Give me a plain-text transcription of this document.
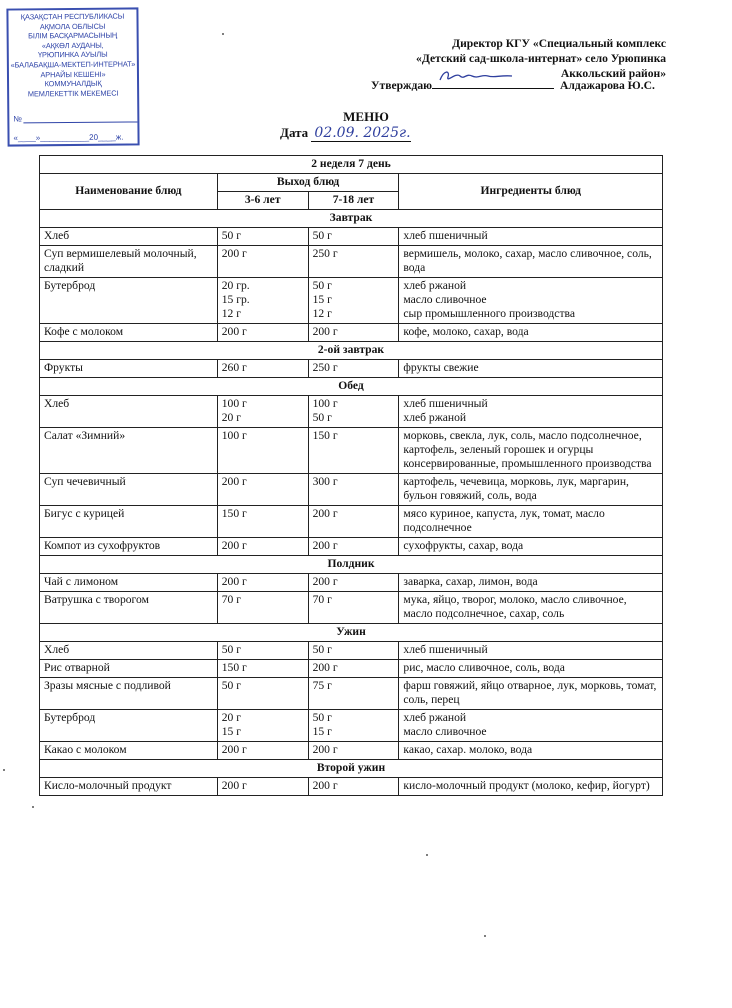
ҚАЗАҚСТАН РЕСПУБЛИКАСЫ
АҚМОЛА ОБЛЫСЫ
БІЛІМ БАСҚАРМАСЫНЫҢ
«АҚКӨЛ АУДАНЫ,
ҮРЮПИНКА АУЫЛЫ
«БАЛАБАҚША-МЕКТЕП-ИНТЕРНАТ»
АРНАЙЫ КЕШЕНІ»
КОММУНАЛДЫҚ
МЕМЛЕКЕТТІК МЕКЕМЕСІ
№
«____»___________20____ж.
Директор КГУ «Специальный комплекс
«Детский сад-школа-интернат» село Урюпинка
Аккольский район»
Утверждаю	Алдажарова Ю.С.
МЕНЮ
Дата 02.09. 2025г.
2 неделя 7 день			
Наименование блюд	Выход блюд		Ингредиенты блюд
	3-6 лет	7-18 лет	
Завтрак			
Хлеб	50 г	50 г	хлеб пшеничный
Суп вермишелевый молочный, сладкий	200 г	250 г	вермишель, молоко, сахар, масло сливочное, соль, вода
Бутерброд	20 гр.
15 гр.
12 г	50 г
15 г
12 г	хлеб ржаной
масло сливочное
сыр промышленного производства
Кофе с молоком	200 г	200 г	кофе, молоко, сахар, вода
2-ой завтрак			
Фрукты	260 г	250 г	фрукты свежие
Обед			
Хлеб	100 г
20 г	100 г
50 г	хлеб пшеничный
хлеб ржаной
Салат «Зимний»	100 г	150 г	морковь, свекла, лук, соль, масло подсолнечное, картофель, зеленый горошек и огурцы консервированные, промышленного производства
Суп чечевичный	200 г	300 г	картофель, чечевица, морковь, лук, маргарин, бульон говяжий, соль, вода
Бигус с курицей	150 г	200 г	мясо куриное, капуста, лук, томат, масло подсолнечное
Компот из сухофруктов	200 г	200 г	сухофрукты, сахар, вода
Полдник			
Чай с лимоном	200 г	200 г	заварка, сахар, лимон, вода
Ватрушка с творогом	70 г	70 г	мука, яйцо, творог, молоко, масло сливочное, масло подсолнечное, сахар, соль
Ужин			
Хлеб	50 г	50 г	хлеб пшеничный
Рис отварной	150 г	200 г	рис, масло сливочное, соль, вода
Зразы мясные с подливой	50 г	75 г	фарш говяжий, яйцо отварное, лук, морковь, томат, соль, перец
Бутерброд	20 г
15 г	50 г
15 г	хлеб ржаной
масло сливочное
Какао с молоком	200 г	200 г	какао, сахар. молоко, вода
Второй ужин			
Кисло-молочный продукт	200 г	200 г	кисло-молочный продукт (молоко, кефир, йогурт)
